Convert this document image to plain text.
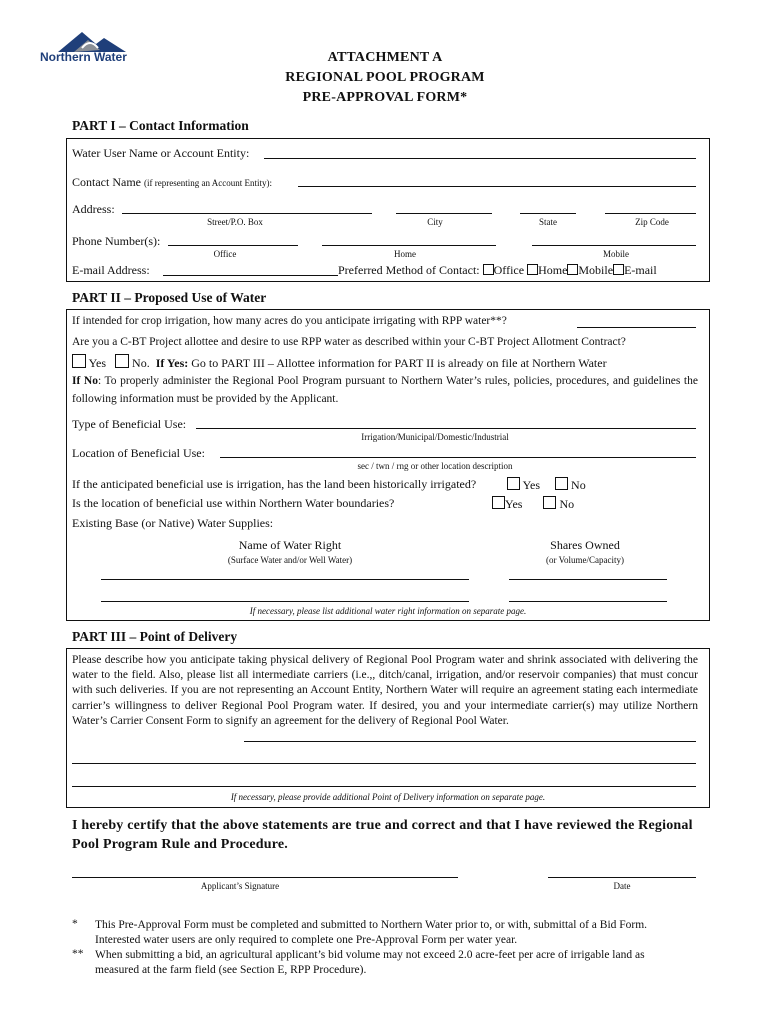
Northern Water	ATTACHMENT A
REGIONAL POOL PROGRAM
PRE-APPROVAL FORM*
PART I – Contact Information
Water User Name or Account Entity:
Contact Name (if representing an Account Entity):
Address:
Street/P.O. Box	City	State	Zip Code
Phone Number(s):
Office	Home	Mobile
E-mail Address:	Preferred Method of Contact: Office Home Mobile E-mail
PART II – Proposed Use of Water
If intended for crop irrigation, how many acres do you anticipate irrigating with RPP water**?
Are you a C-BT Project allottee and desire to use RPP water as described within your C-BT Project Allotment Contract?
Yes No. If Yes: Go to PART III – Allottee information for PART II is already on file at Northern Water
If No: To properly administer the Regional Pool Program pursuant to Northern Water’s rules, policies, procedures, and guidelines the following information must be provided by the Applicant.
Type of Beneficial Use:
Irrigation/Municipal/Domestic/Industrial
Location of Beneficial Use:
sec / twn / rng or other location description
If the anticipated beneficial use is irrigation, has the land been historically irrigated?	Yes	No
Is the location of beneficial use within Northern Water boundaries?	Yes	No
Existing Base (or Native) Water Supplies:
Name of Water Right
(Surface Water and/or Well Water)
Shares Owned
(or Volume/Capacity)
If necessary, please list additional water right information on separate page.
PART III – Point of Delivery
Please describe how you anticipate taking physical delivery of Regional Pool Program water and shrink associated with delivering the water to the field. Also, please list all intermediate carriers (i.e.,, ditch/canal, irrigation, and/or reservoir companies) that must concur with such deliveries. If you are not representing an Account Entity, Northern Water will require an agreement stating each intermediate carrier’s willingness to deliver Regional Pool Program water. If desired, you and your intermediate carrier(s) may utilize Northern Water’s Carrier Consent Form to signify an agreement for the delivery of Regional Pool Water.
If necessary, please provide additional Point of Delivery information on separate page.
I hereby certify that the above statements are true and correct and that I have reviewed the Regional Pool Program Rule and Procedure.
Applicant’s Signature	Date
*	This Pre-Approval Form must be completed and submitted to Northern Water prior to, or with, submittal of a Bid Form. Interested water users are only required to complete one Pre-Approval Form per water year.
**	When submitting a bid, an agricultural applicant’s bid volume may not exceed 2.0 acre-feet per acre of irrigable land as measured at the farm field (see Section E, RPP Procedure).
